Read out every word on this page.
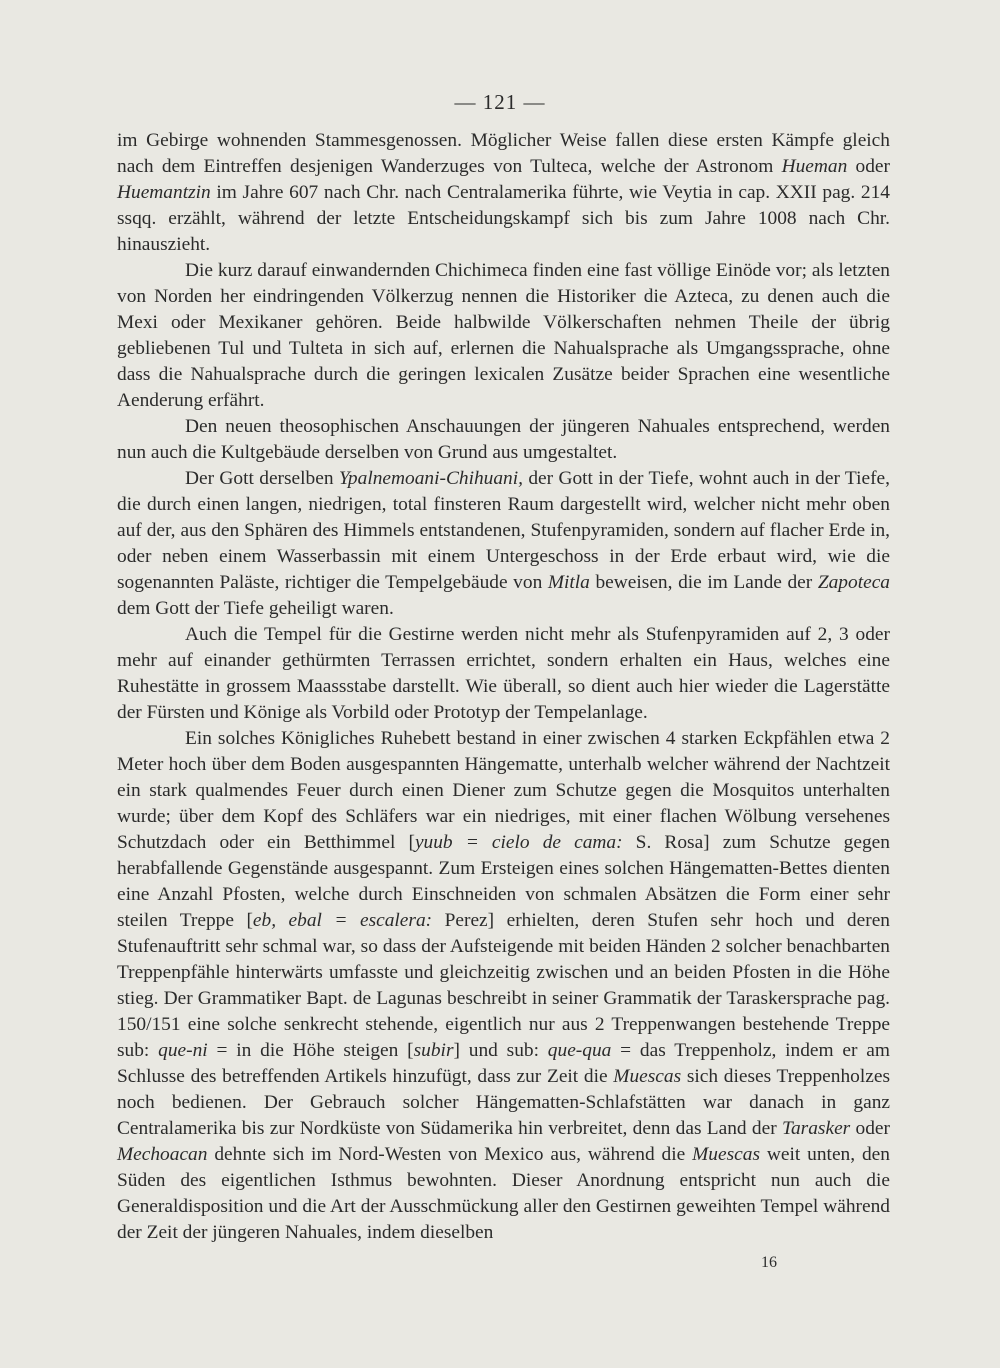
— 121 —

im Gebirge wohnenden Stammesgenossen. Möglicher Weise fallen diese ersten Kämpfe gleich nach dem Eintreffen desjenigen Wanderzuges von Tulteca, welche der Astronom Hueman oder Huemantzin im Jahre 607 nach Chr. nach Centralamerika führte, wie Veytia in cap. XXII pag. 214 ssqq. erzählt, während der letzte Entscheidungskampf sich bis zum Jahre 1008 nach Chr. hinauszieht.

Die kurz darauf einwandernden Chichimeca finden eine fast völlige Einöde vor; als letzten von Norden her eindringenden Völkerzug nennen die Historiker die Azteca, zu denen auch die Mexi oder Mexikaner gehören. Beide halbwilde Völkerschaften nehmen Theile der übrig gebliebenen Tul und Tulteta in sich auf, erlernen die Nahualsprache als Umgangssprache, ohne dass die Nahualsprache durch die geringen lexicalen Zusätze beider Sprachen eine wesentliche Aenderung erfährt.

Den neuen theosophischen Anschauungen der jüngeren Nahuales entsprechend, werden nun auch die Kultgebäude derselben von Grund aus umgestaltet.

Der Gott derselben Ypalnemoani-Chihuani, der Gott in der Tiefe, wohnt auch in der Tiefe, die durch einen langen, niedrigen, total finsteren Raum dargestellt wird, welcher nicht mehr oben auf der, aus den Sphären des Himmels entstandenen, Stufenpyramiden, sondern auf flacher Erde in, oder neben einem Wasserbassin mit einem Untergeschoss in der Erde erbaut wird, wie die sogenannten Paläste, richtiger die Tempelgebäude von Mitla beweisen, die im Lande der Zapoteca dem Gott der Tiefe geheiligt waren.

Auch die Tempel für die Gestirne werden nicht mehr als Stufenpyramiden auf 2, 3 oder mehr auf einander gethürmten Terrassen errichtet, sondern erhalten ein Haus, welches eine Ruhestätte in grossem Maassstabe darstellt. Wie überall, so dient auch hier wieder die Lagerstätte der Fürsten und Könige als Vorbild oder Prototyp der Tempelanlage.

Ein solches Königliches Ruhebett bestand in einer zwischen 4 starken Eckpfählen etwa 2 Meter hoch über dem Boden ausgespannten Hängematte, unterhalb welcher während der Nachtzeit ein stark qualmendes Feuer durch einen Diener zum Schutze gegen die Mosquitos unterhalten wurde; über dem Kopf des Schläfers war ein niedriges, mit einer flachen Wölbung versehenes Schutzdach oder ein Betthimmel [yuub = cielo de cama: S. Rosa] zum Schutze gegen herabfallende Gegenstände ausgespannt. Zum Ersteigen eines solchen Hängematten-Bettes dienten eine Anzahl Pfosten, welche durch Einschneiden von schmalen Absätzen die Form einer sehr steilen Treppe [eb, ebal = escalera: Perez] erhielten, deren Stufen sehr hoch und deren Stufenauftritt sehr schmal war, so dass der Aufsteigende mit beiden Händen 2 solcher benachbarten Treppenpfähle hinterwärts umfasste und gleichzeitig zwischen und an beiden Pfosten in die Höhe stieg. Der Grammatiker Bapt. de Lagunas beschreibt in seiner Grammatik der Taraskersprache pag. 150/151 eine solche senkrecht stehende, eigentlich nur aus 2 Treppenwangen bestehende Treppe sub: que-ni = in die Höhe steigen [subir] und sub: que-qua = das Treppenholz, indem er am Schlusse des betreffenden Artikels hinzufügt, dass zur Zeit die Muescas sich dieses Treppenholzes noch bedienen. Der Gebrauch solcher Hängematten-Schlafstätten war danach in ganz Centralamerika bis zur Nordküste von Südamerika hin verbreitet, denn das Land der Tarasker oder Mechoacan dehnte sich im Nord-Westen von Mexico aus, während die Muescas weit unten, den Süden des eigentlichen Isthmus bewohnten. Dieser Anordnung entspricht nun auch die Generaldisposition und die Art der Ausschmückung aller den Gestirnen geweihten Tempel während der Zeit der jüngeren Nahuales, indem dieselben

16
